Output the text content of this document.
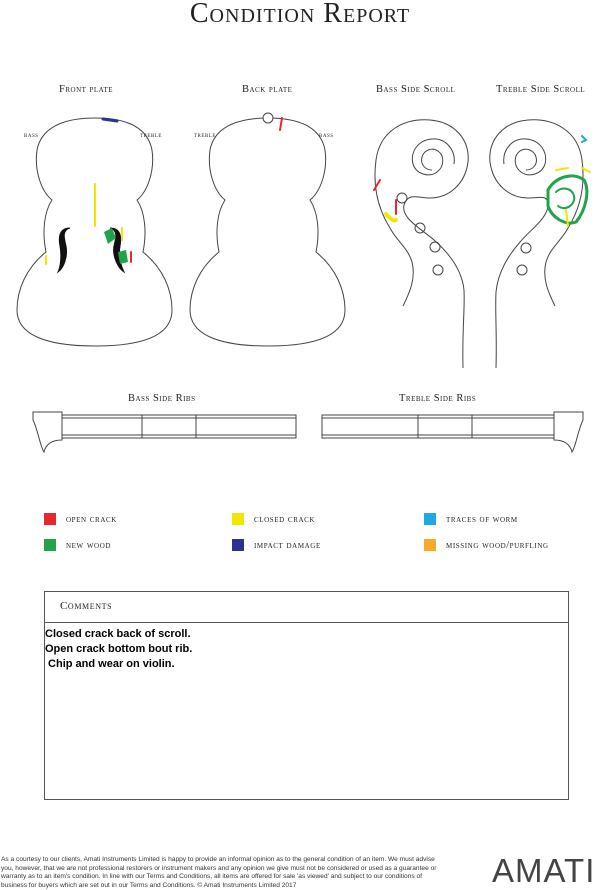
Condition Report
Front plate
bass	treble
Back plate
treble	bass
Bass Side Scroll	Treble Side Scroll
Bass Side Ribs	Treble Side Ribs
open crack	closed crack	traces of worm
new wood	impact damage	missing wood/purfling
Comments
Closed crack back of scroll.
Open crack bottom bout rib.
Chip and wear on violin.
As a courtesy to our clients, Amati Instruments Limited is happy to provide an informal opinion as to the general condition of an item. We must advise you, however, that we are not professional restorers or instrument makers and any opinion we give must not be considered or used as a guarantee or warranty as to an item's condition. In line with our Terms and Conditions, all items are offered for sale 'as viewed' and subject to our conditions of business for buyers which are set out in our Terms and Conditions. © Amati Instruments Limited 2017	AMATI
